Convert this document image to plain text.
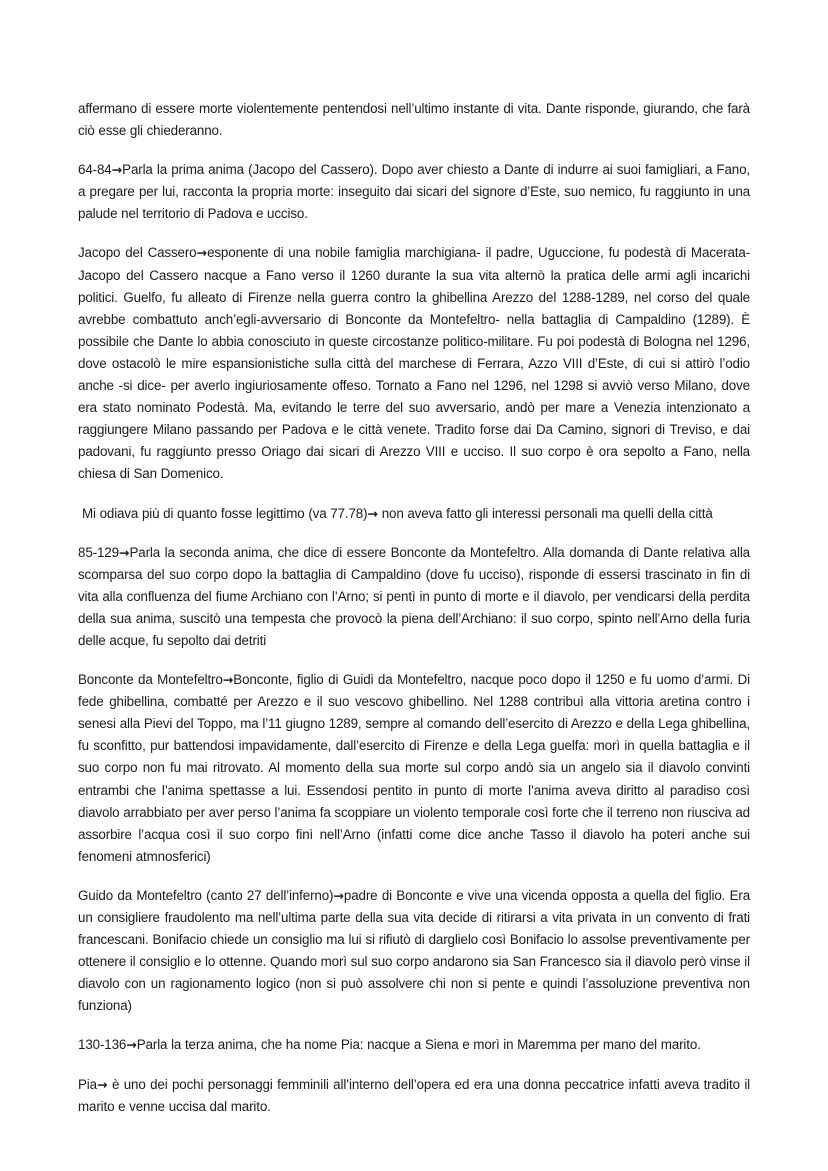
affermano di essere morte violentemente pentendosi nell’ultimo instante di vita. Dante risponde, giurando, che farà ciò esse gli chiederanno.

64-84→Parla la prima anima (Jacopo del Cassero). Dopo aver chiesto a Dante di indurre ai suoi famigliari, a Fano, a pregare per lui, racconta la propria morte: inseguito dai sicari del signore d’Este, suo nemico, fu raggiunto in una palude nel territorio di Padova e ucciso.

Jacopo del Cassero→esponente di una nobile famiglia marchigiana- il padre, Uguccione, fu podestà di Macerata- Jacopo del Cassero nacque a Fano verso il 1260 durante la sua vita alternò la pratica delle armi agli incarichi politici. Guelfo, fu alleato di Firenze nella guerra contro la ghibellina Arezzo del 1288-1289, nel corso del quale avrebbe combattuto anch’egli-avversario di Bonconte da Montefeltro- nella battaglia di Campaldino (1289). È possibile che Dante lo abbia conosciuto in queste circostanze politico-militare. Fu poi podestà di Bologna nel 1296, dove ostacolò le mire espansionistiche sulla città del marchese di Ferrara, Azzo VIII d’Este, di cui si attirò l’odio anche -si dice- per averlo ingiuriosamente offeso. Tornato a Fano nel 1296, nel 1298 si avviò verso Milano, dove era stato nominato Podestà. Ma, evitando le terre del suo avversario, andò per mare a Venezia intenzionato a raggiungere Milano passando per Padova e le città venete. Tradito forse dai Da Camino, signori di Treviso, e dai padovani, fu raggiunto presso Oriago dai sicari di Arezzo VIII e ucciso. Il suo corpo è ora sepolto a Fano, nella chiesa di San Domenico.

Mi odiava più di quanto fosse legittimo (va 77.78)→ non aveva fatto gli interessi personali ma quelli della città

85-129→Parla la seconda anima, che dice di essere Bonconte da Montefeltro. Alla domanda di Dante relativa alla scomparsa del suo corpo dopo la battaglia di Campaldino (dove fu ucciso), risponde di essersi trascinato in fin di vita alla confluenza del fiume Archiano con l’Arno; si pentì in punto di morte e il diavolo, per vendicarsi della perdita della sua anima, suscitò una tempesta che provocò la piena dell’Archiano: il suo corpo, spinto nell’Arno della furia delle acque, fu sepolto dai detriti

Bonconte da Montefeltro→Bonconte, figlio di Guidi da Montefeltro, nacque poco dopo il 1250 e fu uomo d’armi. Di fede ghibellina, combatté per Arezzo e il suo vescovo ghibellino. Nel 1288 contribuì alla vittoria aretina contro i senesi alla Pievi del Toppo, ma l’11 giugno 1289, sempre al comando dell’esercito di Arezzo e della Lega ghibellina, fu sconfitto, pur battendosi impavidamente, dall’esercito di Firenze e della Lega guelfa: morì in quella battaglia e il suo corpo non fu mai ritrovato. Al momento della sua morte sul corpo andò sia un angelo sia il diavolo convinti entrambi che l’anima spettasse a lui. Essendosi pentito in punto di morte l’anima aveva diritto al paradiso così diavolo arrabbiato per aver perso l’anima fa scoppiare un violento temporale così forte che il terreno non riusciva ad assorbire l’acqua così il suo corpo finì nell’Arno (infatti come dice anche Tasso il diavolo ha poteri anche sui fenomeni atmnosferici)

Guido da Montefeltro (canto 27 dell’inferno)→padre di Bonconte e vive una vicenda opposta a quella del figlio. Era un consigliere fraudolento ma nell’ultima parte della sua vita decide di ritirarsi a vita privata in un convento di frati francescani. Bonifacio chiede un consiglio ma lui si rifiutò di darglielo così Bonifacio lo assolse preventivamente per ottenere il consiglio e lo ottenne. Quando morì sul suo corpo andarono sia San Francesco sia il diavolo però vinse il diavolo con un ragionamento logico (non si può assolvere chi non si pente e quindi l’assoluzione preventiva non funziona)

130-136→Parla la terza anima, che ha nome Pia: nacque a Siena e morì in Maremma per mano del marito.

Pia→ è uno dei pochi personaggi femminili all’interno dell’opera ed era una donna peccatrice infatti aveva tradito il marito e venne uccisa dal marito.
